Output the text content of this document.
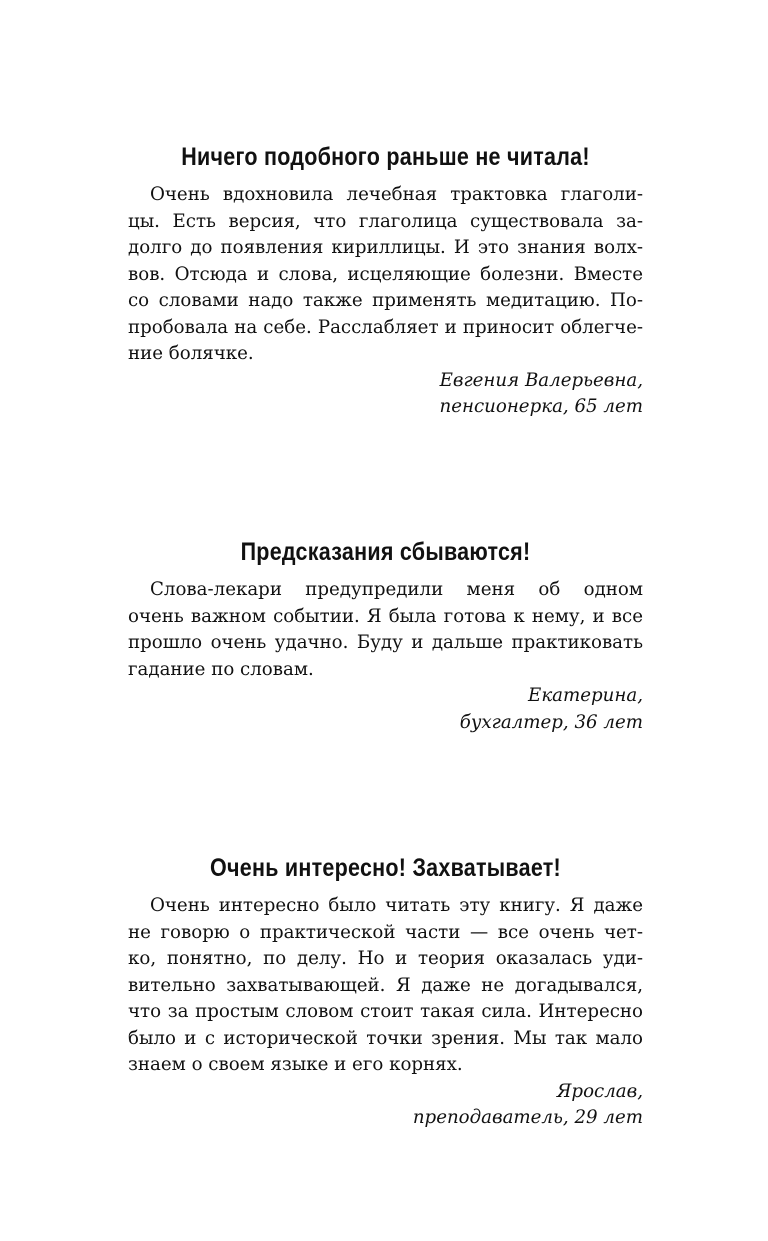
Ничего подобного раньше не читала!
Очень вдохновила лечебная трактовка глаголи-
цы. Есть версия, что глаголица существовала за-
долго до появления кириллицы. И это знания волх-
вов. Отсюда и слова, исцеляющие болезни. Вместе
со словами надо также применять медитацию. По-
пробовала на себе. Расслабляет и приносит облегче-
ние болячке.
Евгения Валерьевна,
пенсионерка, 65 лет
Предсказания сбываются!
Слова-лекари предупредили меня об одном
очень важном событии. Я была готова к нему, и все
прошло очень удачно. Буду и дальше практиковать
гадание по словам.
Екатерина,
бухгалтер, 36 лет
Очень интересно! Захватывает!
Очень интересно было читать эту книгу. Я даже
не говорю о практической части — все очень чет-
ко, понятно, по делу. Но и теория оказалась уди-
вительно захватывающей. Я даже не догадывался,
что за простым словом стоит такая сила. Интересно
было и с исторической точки зрения. Мы так мало
знаем о своем языке и его корнях.
Ярослав,
преподаватель, 29 лет
